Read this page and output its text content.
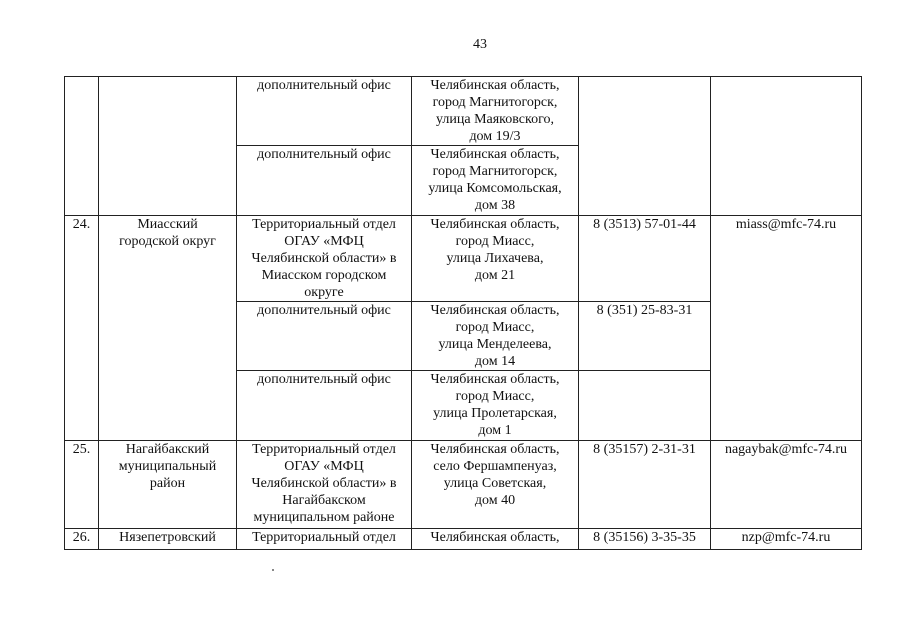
43
		дополнительный офис	Челябинская область,
город Магнитогорск,
улица Маяковского,
дом 19/3		
		дополнительный офис	Челябинская область,
город Магнитогорск,
улица Комсомольская,
дом 38		
24.	Миасский
городской округ	Территориальный отдел
ОГАУ «МФЦ
Челябинской области» в
Миасском городском
округе	Челябинская область,
город Миасс,
улица Лихачева,
дом 21	8 (3513) 57-01-44	miass@mfc-74.ru
		дополнительный офис	Челябинская область,
город Миасс,
улица Менделеева,
дом 14	8 (351) 25-83-31	
		дополнительный офис	Челябинская область,
город Миасс,
улица Пролетарская,
дом 1		
25.	Нагайбакский
муниципальный
район	Территориальный отдел
ОГАУ «МФЦ
Челябинской области» в
Нагайбакском
муниципальном районе	Челябинская область,
село Фершампенуаз,
улица Советская,
дом 40	8 (35157) 2-31-31	nagaybak@mfc-74.ru
26.	Нязепетровский	Территориальный отдел	Челябинская область,	8 (35156) 3-35-35	nzp@mfc-74.ru
